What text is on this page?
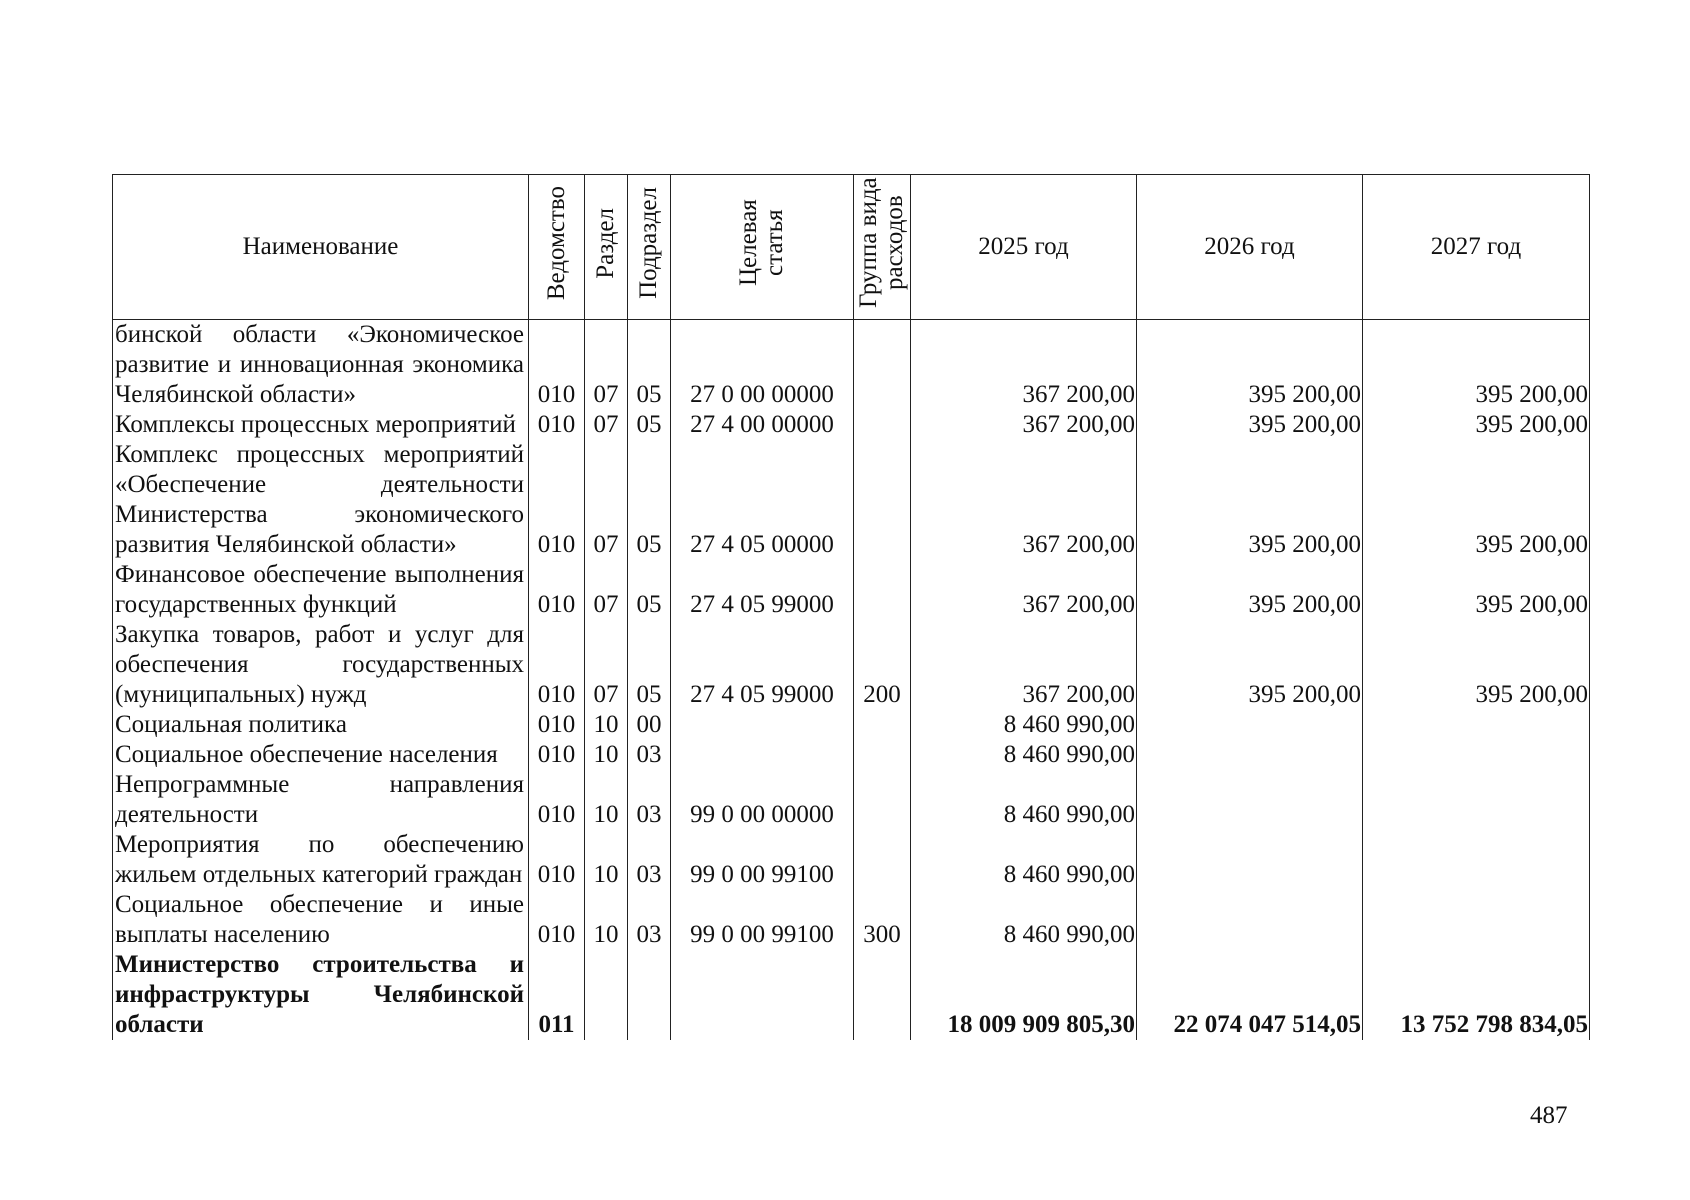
Наименование	Ведомство	Раздел	Подраздел	Целевая статья	Группа вида расходов	2025 год	2026 год	2027 год
бинской области «Экономическое развитие и инновационная экономика Челябинской области»	010	07	05	27 0 00 00000		367 200,00	395 200,00	395 200,00
Комплексы процессных мероприятий	010	07	05	27 4 00 00000		367 200,00	395 200,00	395 200,00
Комплекс процессных мероприятий «Обеспечение деятельности Министерства экономического развития Челябинской области»	010	07	05	27 4 05 00000		367 200,00	395 200,00	395 200,00
Финансовое обеспечение выполнения государственных функций	010	07	05	27 4 05 99000		367 200,00	395 200,00	395 200,00
Закупка товаров, работ и услуг для обеспечения государственных (муниципальных) нужд	010	07	05	27 4 05 99000	200	367 200,00	395 200,00	395 200,00
Социальная политика	010	10	00			8 460 990,00		
Социальное обеспечение населения	010	10	03			8 460 990,00		
Непрограммные направления деятельности	010	10	03	99 0 00 00000		8 460 990,00		
Мероприятия по обеспечению жильем отдельных категорий граждан	010	10	03	99 0 00 99100		8 460 990,00		
Социальное обеспечение и иные выплаты населению	010	10	03	99 0 00 99100	300	8 460 990,00		
Министерство строительства и инфраструктуры Челябинской области	011					18 009 909 805,30	22 074 047 514,05	13 752 798 834,05
487
